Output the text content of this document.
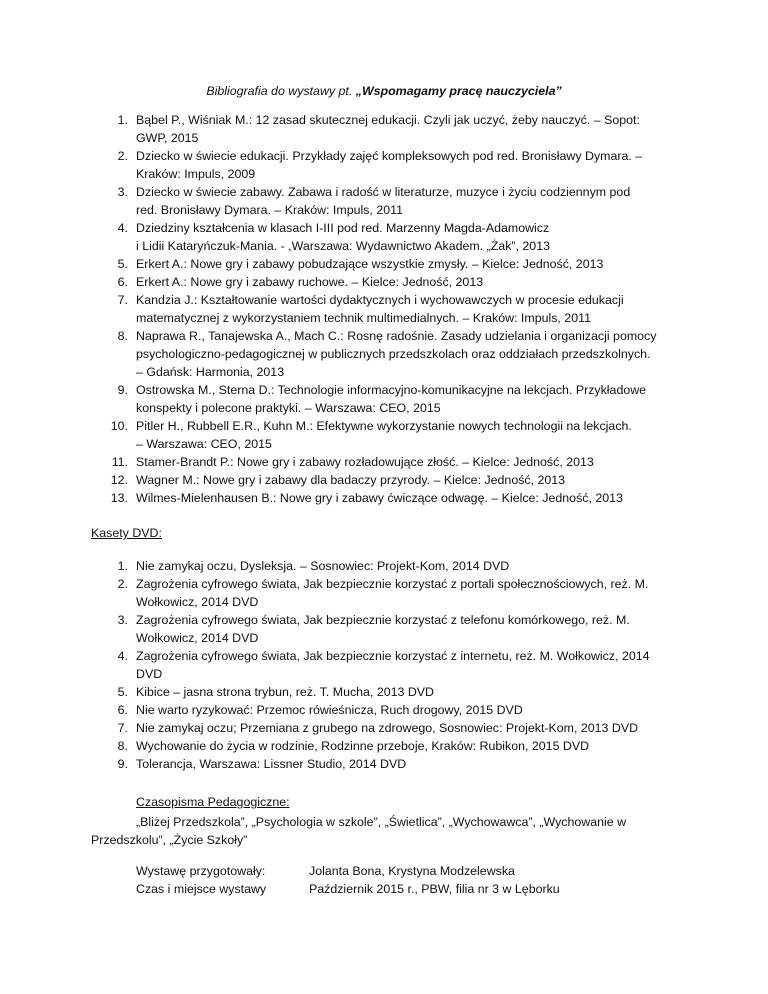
Bibliografia do wystawy pt. „Wspomagamy pracę nauczyciela”
1. Bąbel P., Wiśniak M.: 12 zasad skutecznej edukacji. Czyli jak uczyć, żeby nauczyć. – Sopot:
GWP, 2015
2. Dziecko w świecie edukacji. Przykłady zajęć kompleksowych pod red. Bronisławy Dymara. –
Kraków: Impuls, 2009
3. Dziecko w świecie zabawy. Zabawa i radość w literaturze, muzyce i życiu codziennym pod
red. Bronisławy Dymara. – Kraków: Impuls, 2011
4. Dziedziny kształcenia w klasach I-III pod red. Marzenny Magda-Adamowicz
i Lidii Kataryńczuk-Mania. - ,Warszawa: Wydawnictwo Akadem. „Żak”, 2013
5. Erkert A.: Nowe gry i zabawy pobudzające wszystkie zmysły. – Kielce: Jedność, 2013
6. Erkert A.: Nowe gry i zabawy ruchowe. – Kielce: Jedność, 2013
7. Kandzia J.: Kształtowanie wartości dydaktycznych i wychowawczych w procesie edukacji
matematycznej z wykorzystaniem technik multimedialnych. – Kraków: Impuls, 2011
8. Naprawa R., Tanajewska A., Mach C.: Rosnę radośnie. Zasady udzielania i organizacji pomocy
psychologiczno-pedagogicznej w publicznych przedszkolach oraz oddziałach przedszkolnych.
– Gdańsk: Harmonia, 2013
9. Ostrowska M., Sterna D.: Technologie informacyjno-komunikacyjne na lekcjach. Przykładowe
konspekty i polecone praktyki. – Warszawa: CEO, 2015
10. Pitler H., Rubbell E.R., Kuhn M.: Efektywne wykorzystanie nowych technologii na lekcjach.
– Warszawa: CEO, 2015
11. Stamer-Brandt P.: Nowe gry i zabawy rozładowujące złość. – Kielce: Jedność, 2013
12. Wagner M.: Nowe gry i zabawy dla badaczy przyrody. – Kielce: Jedność, 2013
13. Wilmes-Mielenhausen B.: Nowe gry i zabawy ćwiczące odwagę. – Kielce: Jedność, 2013
Kasety DVD:
1. Nie zamykaj oczu, Dysleksja. – Sosnowiec: Projekt-Kom, 2014 DVD
2. Zagrożenia cyfrowego świata, Jak bezpiecznie korzystać z portali społecznościowych, reż. M.
Wołkowicz, 2014 DVD
3. Zagrożenia cyfrowego świata, Jak bezpiecznie korzystać z telefonu komórkowego, reż. M.
Wołkowicz, 2014 DVD
4. Zagrożenia cyfrowego świata, Jak bezpiecznie korzystać z internetu, reż. M. Wołkowicz, 2014
DVD
5. Kibice – jasna strona trybun, reż. T. Mucha, 2013 DVD
6. Nie warto ryzykować: Przemoc rówieśnicza, Ruch drogowy, 2015 DVD
7. Nie zamykaj oczu; Przemiana z grubego na zdrowego, Sosnowiec: Projekt-Kom, 2013 DVD
8. Wychowanie do życia w rodzinie, Rodzinne przeboje, Kraków: Rubikon, 2015 DVD
9. Tolerancja, Warszawa: Lissner Studio, 2014 DVD
Czasopisma Pedagogiczne:
„Bliżej Przedszkola”, „Psychologia w szkole”, „Świetlica”, „Wychowawca”, „Wychowanie w Przedszkolu”, „Życie Szkoły”
Wystawę przygotowały:	Jolanta Bona, Krystyna Modzelewska
Czas i miejsce wystawy	Październik 2015 r., PBW, filia nr 3 w Lęborku
